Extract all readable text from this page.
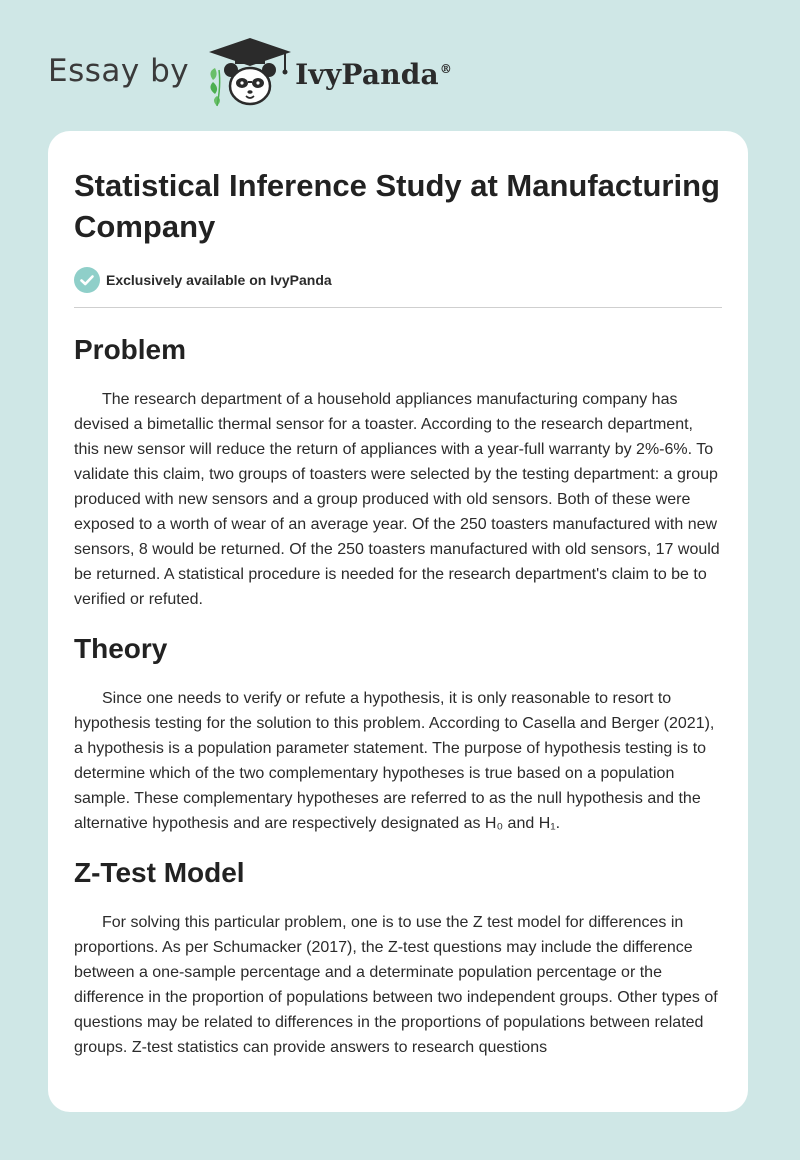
Essay by	IvyPanda®
Statistical Inference Study at Manufacturing Company
Exclusively available on IvyPanda
Problem

The research department of a household appliances manufacturing company has devised a bimetallic thermal sensor for a toaster. According to the research department, this new sensor will reduce the return of appliances with a year-full warranty by 2%-6%. To validate this claim, two groups of toasters were selected by the testing department: a group produced with new sensors and a group produced with old sensors. Both of these were exposed to a worth of wear of an average year. Of the 250 toasters manufactured with new sensors, 8 would be returned. Of the 250 toasters manufactured with old sensors, 17 would be returned. A statistical procedure is needed for the research department's claim to be to verified or refuted.

Theory

Since one needs to verify or refute a hypothesis, it is only reasonable to resort to hypothesis testing for the solution to this problem. According to Casella and Berger (2021), a hypothesis is a population parameter statement. The purpose of hypothesis testing is to determine which of the two complementary hypotheses is true based on a population sample. These complementary hypotheses are referred to as the null hypothesis and the alternative hypothesis and are respectively designated as H₀ and H₁.

Z-Test Model

For solving this particular problem, one is to use the Z test model for differences in proportions. As per Schumacker (2017), the Z-test questions may include the difference between a one-sample percentage and a determinate population percentage or the difference in the proportion of populations between two independent groups. Other types of questions may be related to differences in the proportions of populations between related groups. Z-test statistics can provide answers to research questions
